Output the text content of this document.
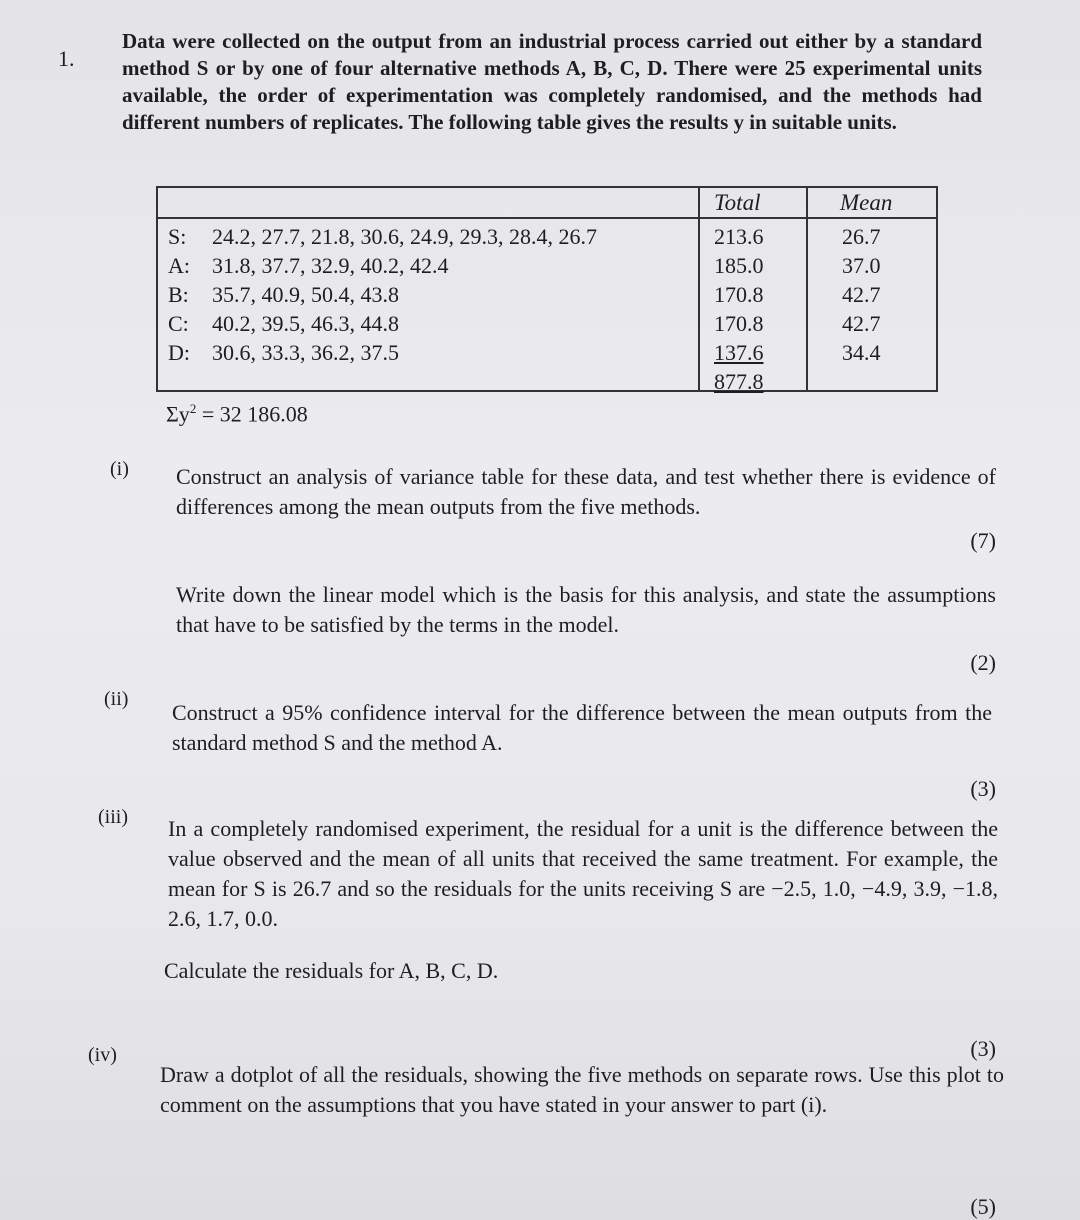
1.
Data were collected on the output from an industrial process carried out either by a standard method S or by one of four alternative methods A, B, C, D. There were 25 experimental units available, the order of experimentation was completely randomised, and the methods had different numbers of replicates. The following table gives the results y in suitable units.
Total	Mean
S: 24.2, 27.7, 21.8, 30.6, 24.9, 29.3, 28.4, 26.7
A: 31.8, 37.7, 32.9, 40.2, 42.4
B: 35.7, 40.9, 50.4, 43.8
C: 40.2, 39.5, 46.3, 44.8
D: 30.6, 33.3, 36.2, 37.5
213.6
185.0
170.8
170.8
137.6
877.8
26.7
37.0
42.7
42.7
34.4
$\Sigma y^2 = 32$ 186.08
(i) Construct an analysis of variance table for these data, and test whether there is evidence of differences among the mean outputs from the five methods.
(7)
Write down the linear model which is the basis for this analysis, and state the assumptions that have to be satisfied by the terms in the model.
(2)
(ii)
Construct a 95% confidence interval for the difference between the mean outputs from the standard method S and the method A.
(3)
(iii) In a completely randomised experiment, the residual for a unit is the difference between the value observed and the mean of all units that received the same treatment. For example, the mean for S is 26.7 and so the residuals for the units receiving S are −2.5, 1.0, −4.9, 3.9, −1.8, 2.6, 1.7, 0.0.
Calculate the residuals for A, B, C, D.
(3)
(iv)
Draw a dotplot of all the residuals, showing the five methods on separate rows. Use this plot to comment on the assumptions that you have stated in your answer to part (i).
(5)
